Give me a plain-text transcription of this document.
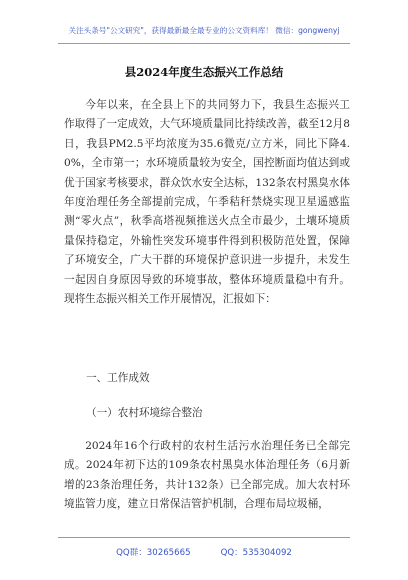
关注头条号"公文研究"，获得最新最全最专业的公文资料库！ 微信：gongwenyj
县2024年度生态振兴工作总结
今年以来，在全县上下的共同努力下，我县生态振兴工作取得了一定成效，大气环境质量同比持续改善，截至12月8日，我县PM2.5平均浓度为35.6微克/立方米，同比下降4.0%，全市第一；水环境质量较为安全，国控断面均值达到或优于国家考核要求，群众饮水安全达标，132条农村黑臭水体年度治理任务全部提前完成，午季秸秆禁烧实现卫星遥感监测“零火点”，秋季高塔视频推送火点全市最少，土壤环境质量保持稳定，外输性突发环境事件得到积极防范处置，保障了环境安全，广大干群的环境保护意识进一步提升，未发生一起因自身原因导致的环境事故，整体环境质量稳中有升。现将生态振兴相关工作开展情况，汇报如下：
一、工作成效
（一）农村环境综合整治
2024年16个行政村的农村生活污水治理任务已全部完成。2024年初下达的109条农村黑臭水体治理任务（6月新增的23条治理任务，共计132条）已全部完成。加大农村环境监管力度，建立日常保洁管护机制，合理布局垃圾桶，
QQ群：30265665	QQ：535304092
